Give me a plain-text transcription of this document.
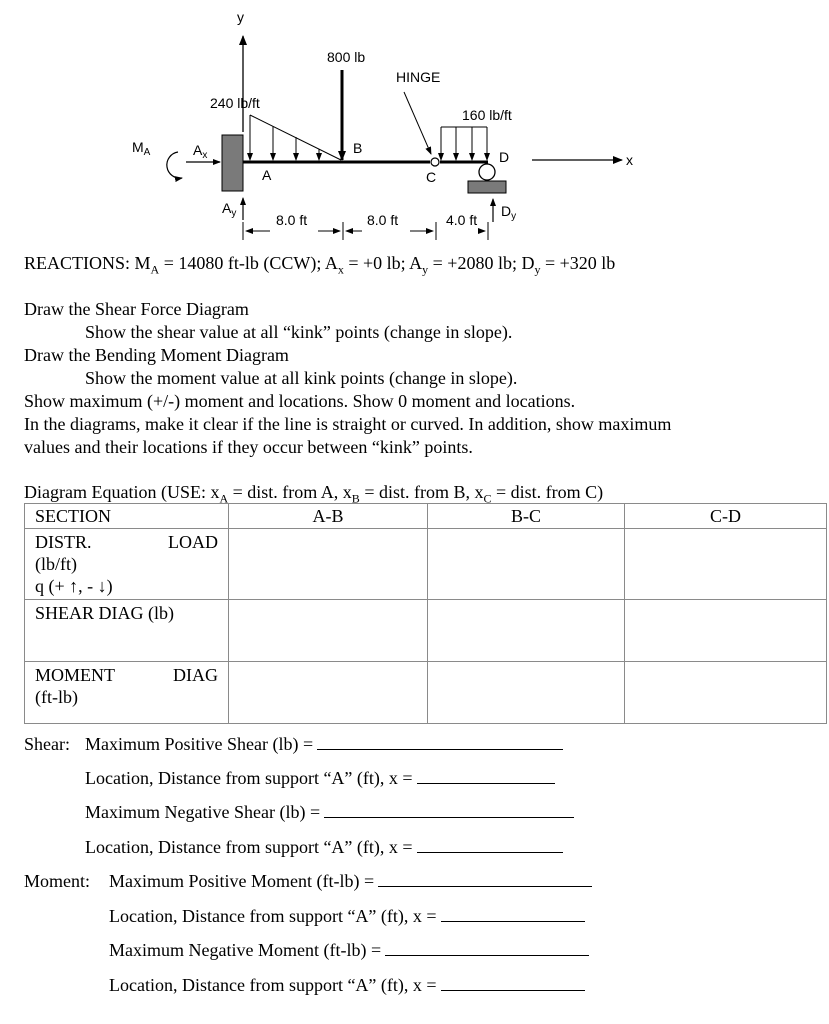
y
x
240 lb/ft
800 lb
160 lb/ft
HINGE
$M_A$	$A_x$
$A_y$	$D_y$
A
B
C
D
8.0 ft	8.0 ft	4.0 ft
REACTIONS: $M_A = 14080$ ft-lb (CCW); $A_x = +0$ lb; $A_y = +2080$ lb; $D_y = +320$ lb
Draw the Shear Force Diagram
Show the shear value at all “kink” points (change in slope).
Draw the Bending Moment Diagram
Show the moment value at all kink points (change in slope).
Show maximum (+/-) moment and locations. Show 0 moment and locations.
In the diagrams, make it clear if the line is straight or curved. In addition, show maximum
values and their locations if they occur between “kink” points.
Diagram Equation (USE: $x_A$ = dist. from A, $x_B$ = dist. from B, $x_C$ = dist. from C)
SECTION	A-B	B-C	C-D

DISTR. LOAD
(lb/ft)
q (+ ↑, - ↓)			

SHEAR DIAG (lb)			

MOMENT DIAG
(ft-lb)			

Shear: Maximum Positive Shear (lb) =
Location, Distance from support “A” (ft), x =
Maximum Negative Shear (lb) =
Location, Distance from support “A” (ft), x =
Moment: Maximum Positive Moment (ft-lb) =
Location, Distance from support “A” (ft), x =
Maximum Negative Moment (ft-lb) =
Location, Distance from support “A” (ft), x =
